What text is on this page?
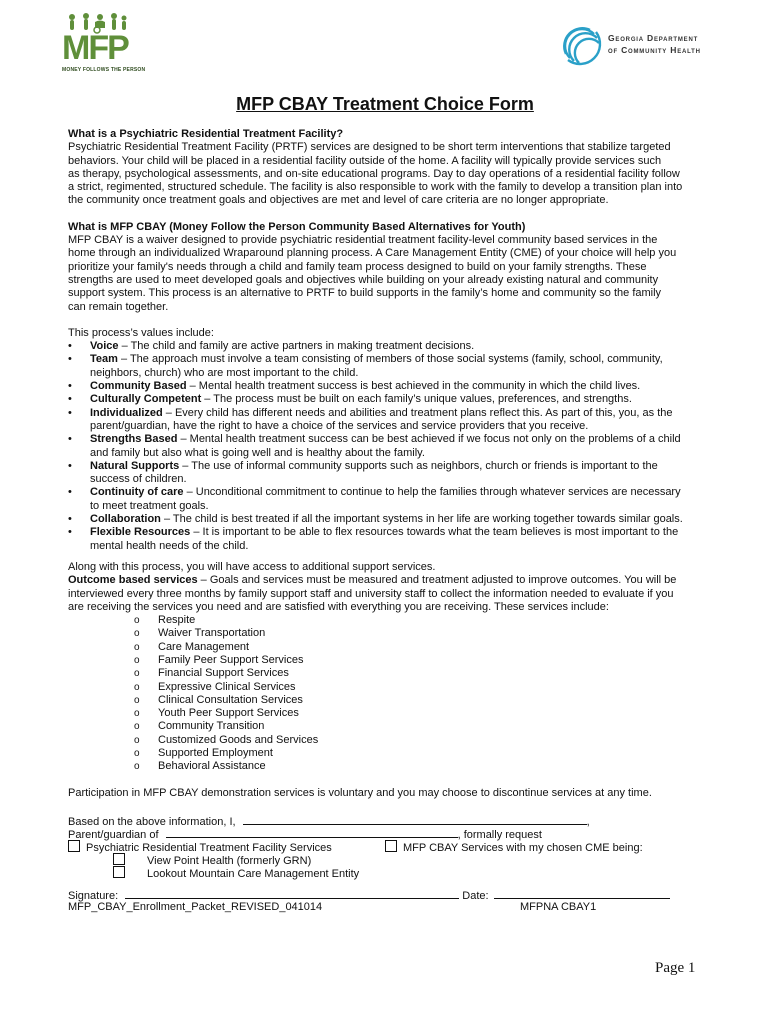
MFP
MONEY FOLLOWS THE PERSON
Georgia Department
of Community Health
MFP CBAY Treatment Choice Form

What is a Psychiatric Residential Treatment Facility?

Psychiatric Residential Treatment Facility (PRTF) services are designed to be short term interventions that stabilize targeted

behaviors. Your child will be placed in a residential facility outside of the home. A facility will typically provide services such

as therapy, psychological assessments, and on-site educational programs. Day to day operations of a residential facility follow

a strict, regimented, structured schedule. The facility is also responsible to work with the family to develop a transition plan into

the community once treatment goals and objectives are met and level of care criteria are no longer appropriate.

What is MFP CBAY (Money Follow the Person Community Based Alternatives for Youth)

MFP CBAY is a waiver designed to provide psychiatric residential treatment facility-level community based services in the

home through an individualized Wraparound planning process. A Care Management Entity (CME) of your choice will help you

prioritize your family's needs through a child and family team process designed to build on your family strengths. These

strengths are used to meet developed goals and objectives while building on your already existing natural and community

support system. This process is an alternative to PRTF to build supports in the family’s home and community so the family

can remain together.

This process’s values include:

• Voice – The child and family are active partners in making treatment decisions.
• Team – The approach must involve a team consisting of members of those social systems (family, school, community,
neighbors, church) who are most important to the child.
• Community Based – Mental health treatment success is best achieved in the community in which the child lives.
• Culturally Competent – The process must be built on each family’s unique values, preferences, and strengths.
• Individualized – Every child has different needs and abilities and treatment plans reflect this. As part of this, you, as the
parent/guardian, have the right to have a choice of the services and service providers that you receive.
• Strengths Based – Mental health treatment success can be best achieved if we focus not only on the problems of a child
and family but also what is going well and is healthy about the family.
• Natural Supports – The use of informal community supports such as neighbors, church or friends is important to the
success of children.
• Continuity of care – Unconditional commitment to continue to help the families through whatever services are necessary
to meet treatment goals.
• Collaboration – The child is best treated if all the important systems in her life are working together towards similar goals.
• Flexible Resources – It is important to be able to flex resources towards what the team believes is most important to the
mental health needs of the child.

Along with this process, you will have access to additional support services.

Outcome based services – Goals and services must be measured and treatment adjusted to improve outcomes. You will be

interviewed every three months by family support staff and university staff to collect the information needed to evaluate if you

are receiving the services you need and are satisfied with everything you are receiving. These services include:

o Respite
o Waiver Transportation
o Care Management
o Family Peer Support Services
o Financial Support Services
o Expressive Clinical Services
o Clinical Consultation Services
o Youth Peer Support Services
o Community Transition
o Customized Goods and Services
o Supported Employment
o Behavioral Assistance

Participation in MFP CBAY demonstration services is voluntary and you may choose to discontinue services at any time.

Based on the above information, I,	,
Parent/guardian of	, formally request
Psychiatric Residential Treatment Facility Services	MFP CBAY Services with my chosen CME being:
View Point Health (formerly GRN)
Lookout Mountain Care Management Entity
Signature:	Date:
MFP_CBAY_Enrollment_Packet_REVISED_041014	MFPNA CBAY1
Page 1
